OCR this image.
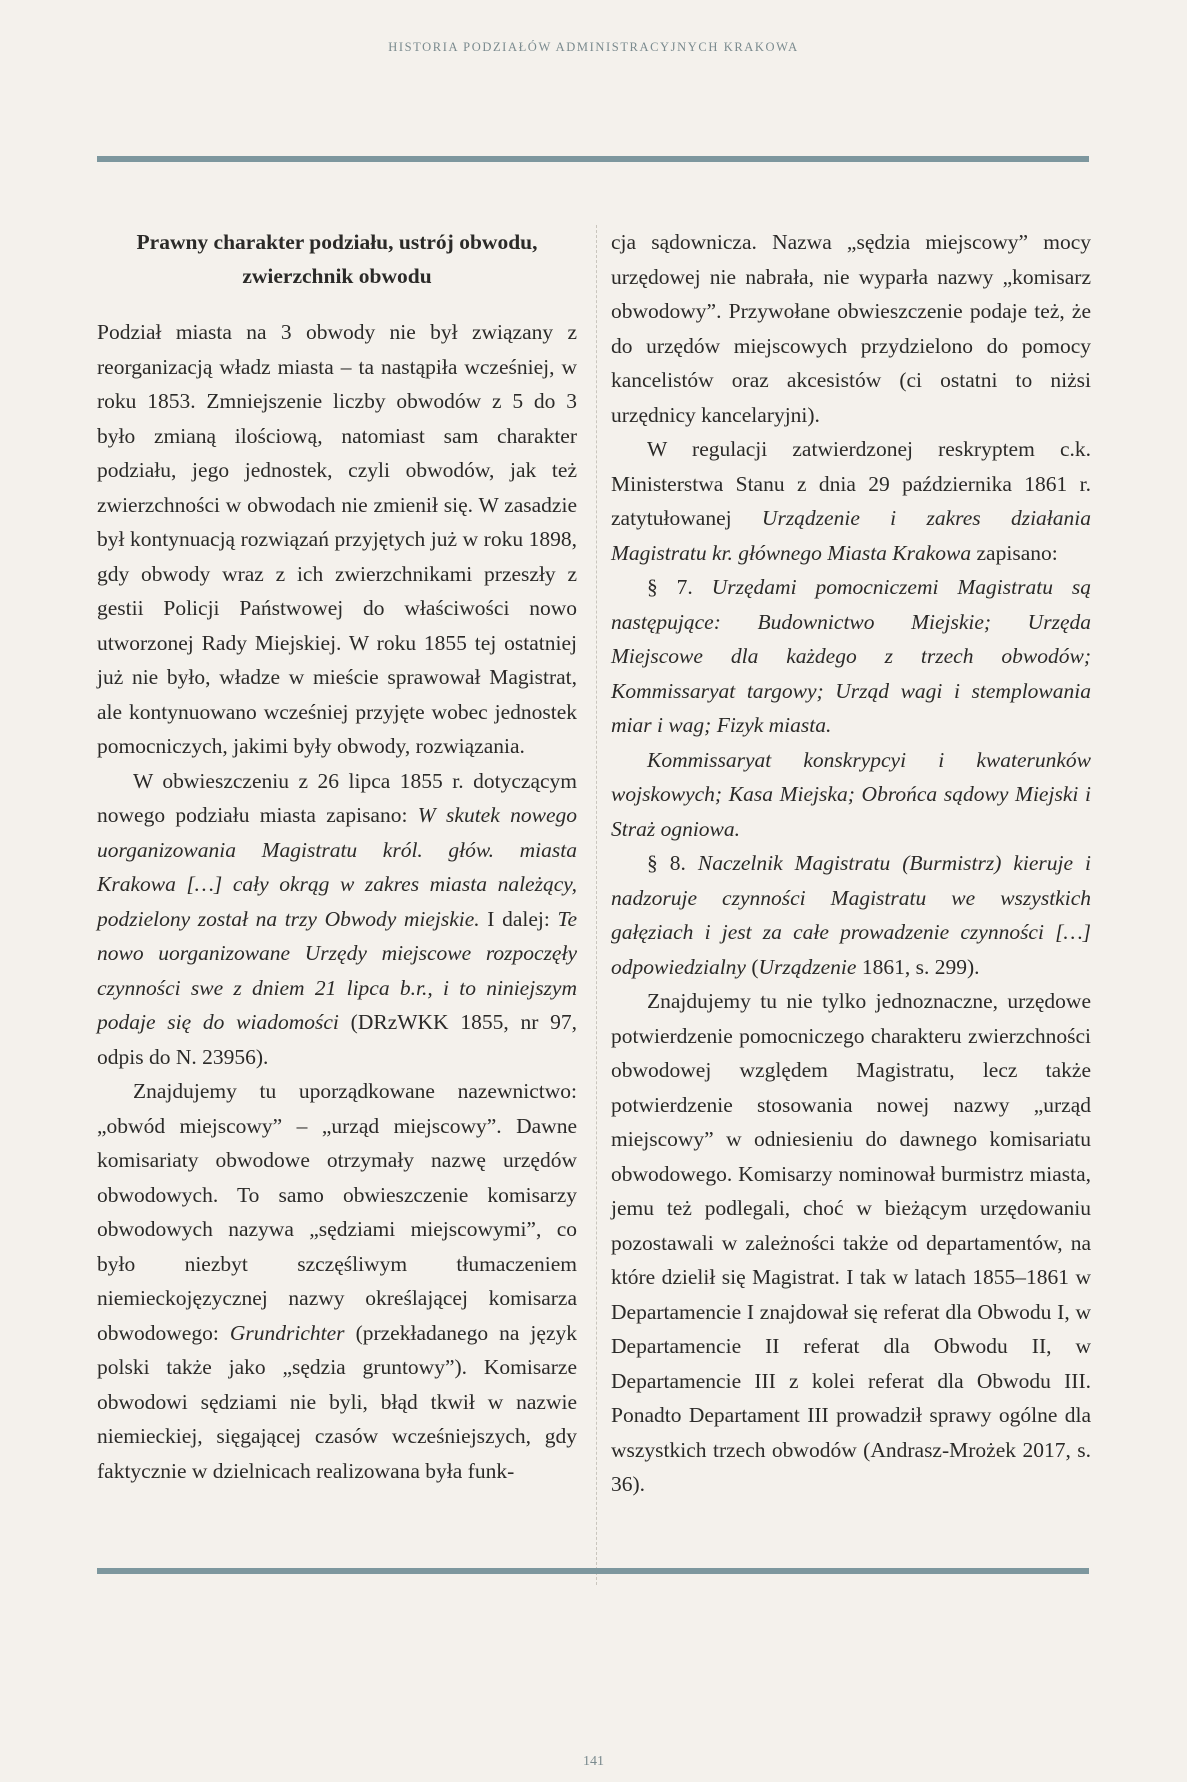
HISTORIA PODZIAŁÓW ADMINISTRACYJNYCH KRAKOWA
Prawny charakter podziału, ustrój obwodu,
zwierzchnik obwodu

Podział miasta na 3 obwody nie był związany z reorganizacją władz miasta – ta nastąpiła wcześniej, w roku 1853. Zmniejszenie liczby obwodów z 5 do 3 było zmianą ilościową, natomiast sam charakter podziału, jego jednostek, czyli obwodów, jak też zwierzchności w obwodach nie zmienił się. W zasadzie był kontynuacją rozwiązań przyjętych już w roku 1898, gdy obwody wraz z ich zwierzchnikami przeszły z gestii Policji Państwowej do właściwości nowo utworzonej Rady Miejskiej. W roku 1855 tej ostatniej już nie było, władze w mieście sprawował Magistrat, ale kontynuowano wcześniej przyjęte wobec jednostek pomocniczych, jakimi były obwody, rozwiązania.

W obwieszczeniu z 26 lipca 1855 r. dotyczącym nowego podziału miasta zapisano: W skutek nowego uorganizowania Magistratu król. głów. miasta Krakowa […] cały okrąg w zakres miasta należący, podzielony został na trzy Obwody miejskie. I dalej: Te nowo uorganizowane Urzędy miejscowe rozpoczęły czynności swe z dniem 21 lipca b.r., i to niniejszym podaje się do wiadomości (DRzWKK 1855, nr 97, odpis do N. 23956).

Znajdujemy tu uporządkowane nazewnictwo: „obwód miejscowy” – „urząd miejscowy”. Dawne komisariaty obwodowe otrzymały nazwę urzędów obwodowych. To samo obwieszczenie komisarzy obwodowych nazywa „sędziami miejscowymi”, co było niezbyt szczęśliwym tłumaczeniem niemieckojęzycznej nazwy określającej komisarza obwodowego: Grundrichter (przekładanego na język polski także jako „sędzia gruntowy”). Komisarze obwodowi sędziami nie byli, błąd tkwił w nazwie niemieckiej, sięgającej czasów wcześniejszych, gdy faktycznie w dzielnicach realizowana była funk-

cja sądownicza. Nazwa „sędzia miejscowy” mocy urzędowej nie nabrała, nie wyparła nazwy „komisarz obwodowy”. Przywołane obwieszczenie podaje też, że do urzędów miejscowych przydzielono do pomocy kancelistów oraz akcesistów (ci ostatni to niżsi urzędnicy kancelaryjni).

W regulacji zatwierdzonej reskryptem c.k. Ministerstwa Stanu z dnia 29 października 1861 r. zatytułowanej Urządzenie i zakres działania Magistratu kr. głównego Miasta Krakowa zapisano:

§ 7. Urzędami pomocniczemi Magistratu są następujące: Budownictwo Miejskie; Urzęda Miejscowe dla każdego z trzech obwodów; Kommissaryat targowy; Urząd wagi i stemplowania miar i wag; Fizyk miasta.

Kommissaryat konskrypcyi i kwaterunków wojskowych; Kasa Miejska; Obrońca sądowy Miejski i Straż ogniowa.

§ 8. Naczelnik Magistratu (Burmistrz) kieruje i nadzoruje czynności Magistratu we wszystkich gałęziach i jest za całe prowadzenie czynności […] odpowiedzialny (Urządzenie 1861, s. 299).

Znajdujemy tu nie tylko jednoznaczne, urzędowe potwierdzenie pomocniczego charakteru zwierzchności obwodowej względem Magistratu, lecz także potwierdzenie stosowania nowej nazwy „urząd miejscowy” w odniesieniu do dawnego komisariatu obwodowego. Komisarzy nominował burmistrz miasta, jemu też podlegali, choć w bieżącym urzędowaniu pozostawali w zależności także od departamentów, na które dzielił się Magistrat. I tak w latach 1855–1861 w Departamencie I znajdował się referat dla Obwodu I, w Departamencie II referat dla Obwodu II, w Departamencie III z kolei referat dla Obwodu III. Ponadto Departament III prowadził sprawy ogólne dla wszystkich trzech obwodów (Andrasz-Mrożek 2017, s. 36).

141
